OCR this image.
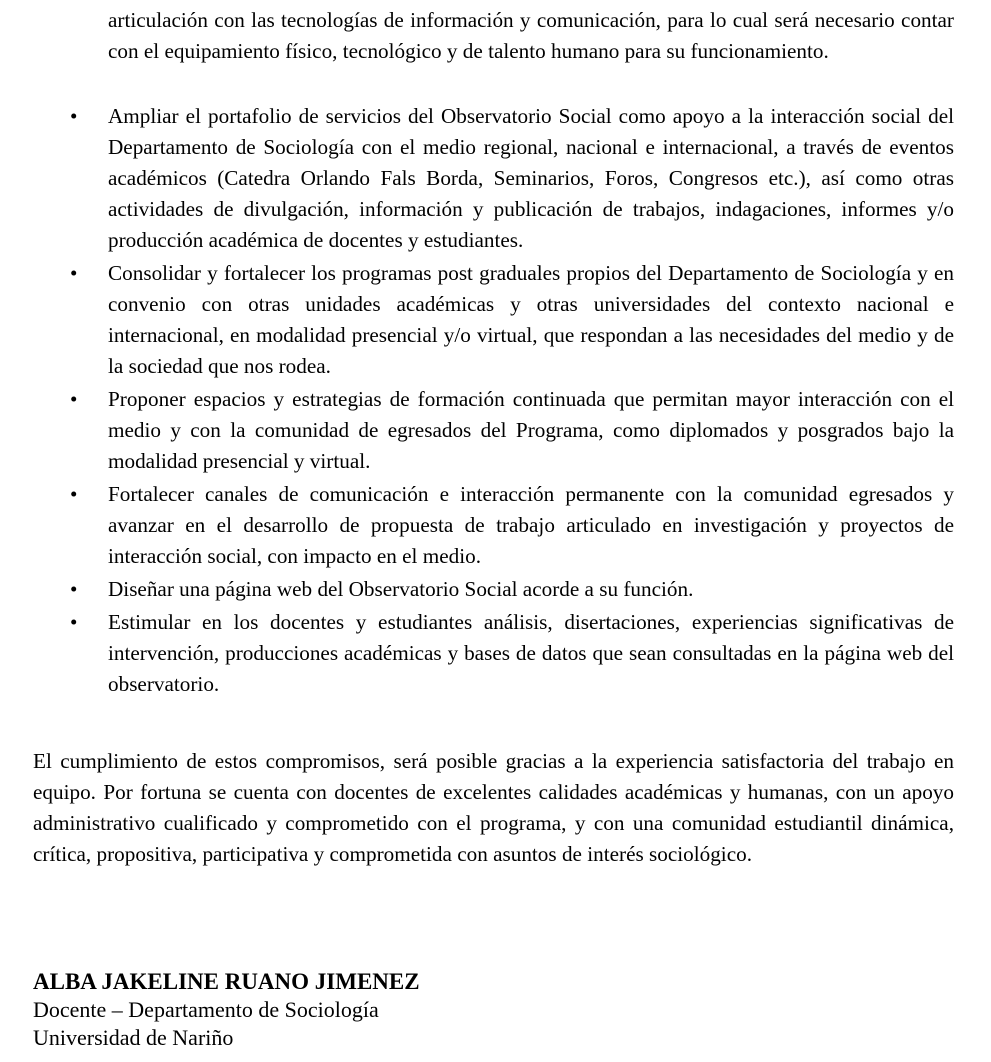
articulación con las tecnologías de información y comunicación, para lo cual será necesario contar con el equipamiento físico, tecnológico y de talento humano para su funcionamiento.

•	Ampliar el portafolio de servicios del Observatorio Social como apoyo a la interacción social del Departamento de Sociología con el medio regional, nacional e internacional, a través de eventos académicos (Catedra Orlando Fals Borda, Seminarios, Foros, Congresos etc.), así como otras actividades de divulgación, información y publicación de trabajos, indagaciones, informes y/o producción académica de docentes y estudiantes.

•	Consolidar y fortalecer los programas post graduales propios del Departamento de Sociología y en convenio con otras unidades académicas y otras universidades del contexto nacional e internacional, en modalidad presencial y/o virtual, que respondan a las necesidades del medio y de la sociedad que nos rodea.

•	Proponer espacios y estrategias de formación continuada que permitan mayor interacción con el medio y con la comunidad de egresados del Programa, como diplomados y posgrados bajo la modalidad presencial y virtual.

•	Fortalecer canales de comunicación e interacción permanente con la comunidad egresados y avanzar en el desarrollo de propuesta de trabajo articulado en investigación y proyectos de interacción social, con impacto en el medio.

•	Diseñar una página web del Observatorio Social acorde a su función.

•	Estimular en los docentes y estudiantes análisis, disertaciones, experiencias significativas de intervención, producciones académicas y bases de datos que sean consultadas en la página web del observatorio.

El cumplimiento de estos compromisos, será posible gracias a la experiencia satisfactoria del trabajo en equipo. Por fortuna se cuenta con docentes de excelentes calidades académicas y humanas, con un apoyo administrativo cualificado y comprometido con el programa, y con una comunidad estudiantil dinámica, crítica, propositiva, participativa y comprometida con asuntos de interés sociológico.

ALBA JAKELINE RUANO JIMENEZ

Docente – Departamento de Sociología

Universidad de Nariño
